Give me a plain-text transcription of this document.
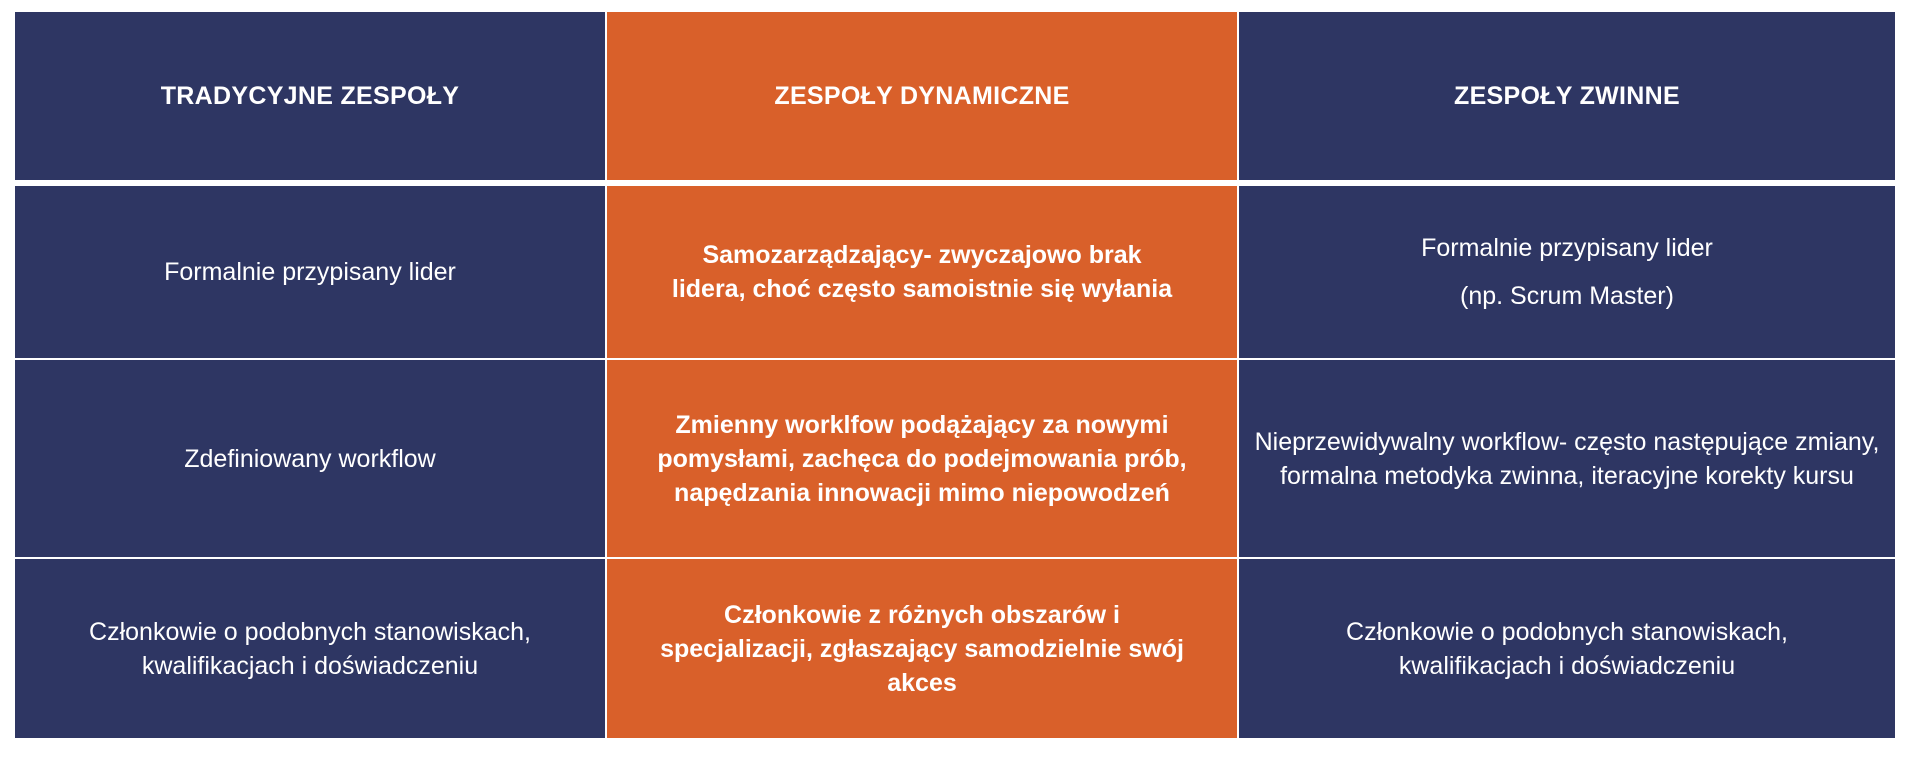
TRADYCYJNE ZESPOŁY	ZESPOŁY DYNAMICZNE	ZESPOŁY ZWINNE
Formalnie przypisany lider
Samozarządzający- zwyczajowo brak lidera, choć często samoistnie się wyłania
Formalnie przypisany lider
(np. Scrum Master)
Zdefiniowany workflow
Zmienny worklfow podążający za nowymi pomysłami, zachęca do podejmowania prób, napędzania innowacji mimo niepowodzeń
Nieprzewidywalny workflow- często następujące zmiany, formalna metodyka zwinna, iteracyjne korekty kursu
Członkowie o podobnych stanowiskach, kwalifikacjach i doświadczeniu
Członkowie z różnych obszarów i specjalizacji, zgłaszający samodzielnie swój akces
Członkowie o podobnych stanowiskach, kwalifikacjach i doświadczeniu
